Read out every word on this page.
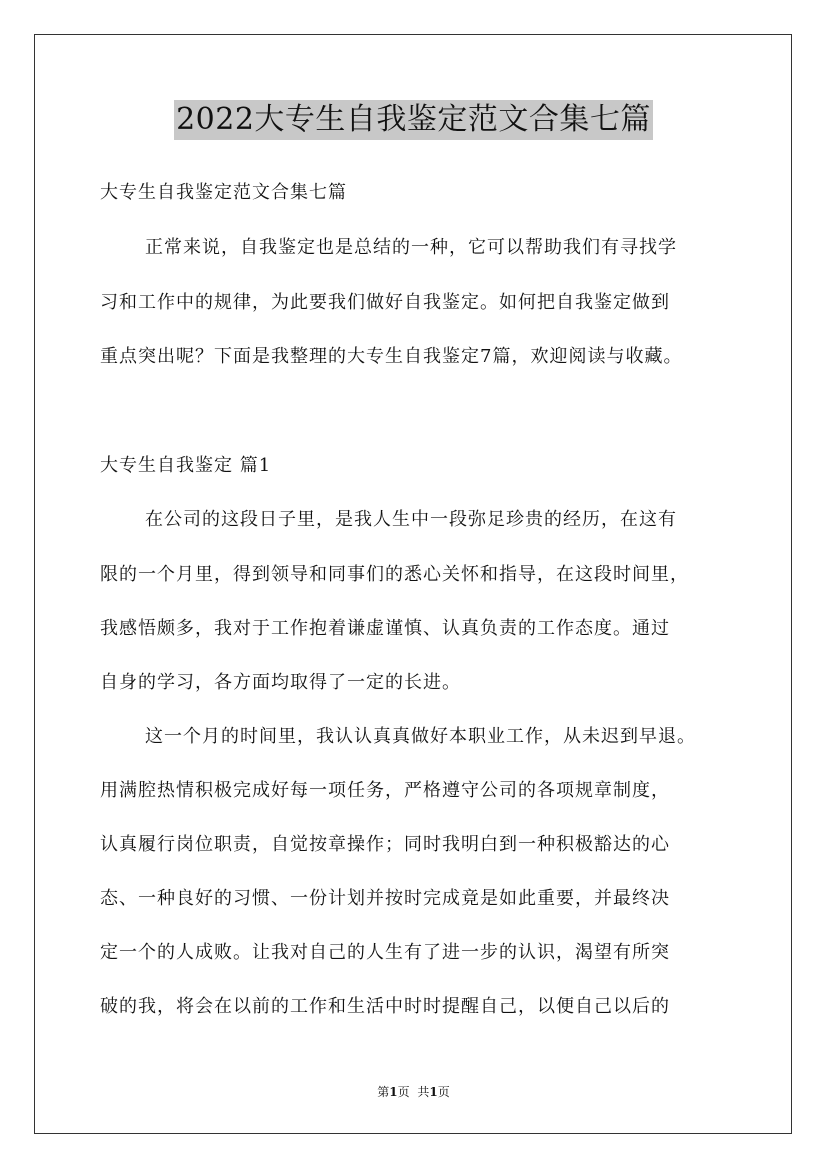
2022大专生自我鉴定范文合集七篇
大专生自我鉴定范文合集七篇
正常来说，自我鉴定也是总结的一种，它可以帮助我们有寻找学
习和工作中的规律，为此要我们做好自我鉴定。如何把自我鉴定做到
重点突出呢？下面是我整理的大专生自我鉴定7篇，欢迎阅读与收藏。
大专生自我鉴定 篇1
在公司的这段日子里，是我人生中一段弥足珍贵的经历，在这有
限的一个月里，得到领导和同事们的悉心关怀和指导，在这段时间里，
我感悟颇多，我对于工作抱着谦虚谨慎、认真负责的工作态度。通过
自身的学习，各方面均取得了一定的长进。
这一个月的时间里，我认认真真做好本职业工作，从未迟到早退。
用满腔热情积极完成好每一项任务，严格遵守公司的各项规章制度，
认真履行岗位职责，自觉按章操作；同时我明白到一种积极豁达的心
态、一种良好的习惯、一份计划并按时完成竟是如此重要，并最终决
定一个的人成败。让我对自己的人生有了进一步的认识，渴望有所突
破的我，将会在以前的工作和生活中时时提醒自己，以便自己以后的
第1页 共1页
